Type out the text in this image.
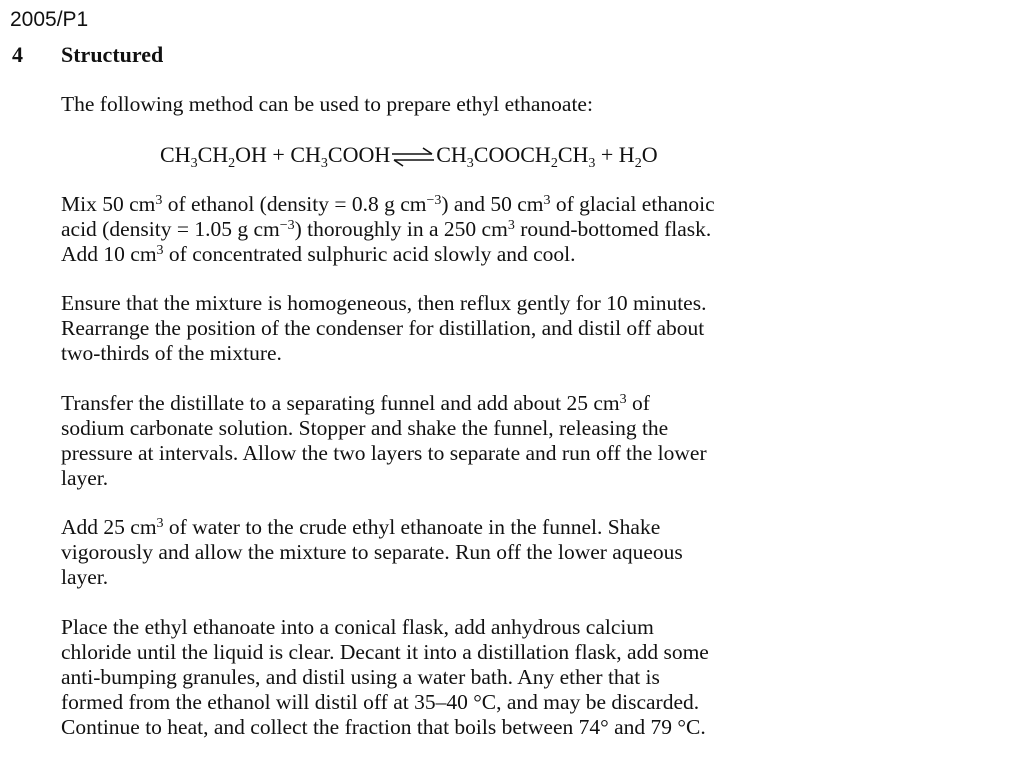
2005/P1
4 Structured

The following method can be used to prepare ethyl ethanoate:

$CH_3CH_2OH$ + $CH_3COOH\rightleftharpoons CH_3COOCH_2CH_3 + H_2O$

Mix 50 $cm^3$ of ethanol (density = 0.8 g $cm^{-3}$) and 50 $cm^3$ of glacial ethanoic
acid (density = 1.05 g $cm^{-3}$) thoroughly in a 250 $cm^3$ round-bottomed flask.
Add 10 $cm^3$ of concentrated sulphuric acid slowly and cool.

Ensure that the mixture is homogeneous, then reflux gently for 10 minutes.
Rearrange the position of the condenser for distillation, and distil off about
two-thirds of the mixture.

Transfer the distillate to a separating funnel and add about 25 $cm^3$ of
sodium carbonate solution. Stopper and shake the funnel, releasing the
pressure at intervals. Allow the two layers to separate and run off the lower
layer.

Add 25 $cm^3$ of water to the crude ethyl ethanoate in the funnel. Shake
vigorously and allow the mixture to separate. Run off the lower aqueous
layer.

Place the ethyl ethanoate into a conical flask, add anhydrous calcium
chloride until the liquid is clear. Decant it into a distillation flask, add some
anti-bumping granules, and distil using a water bath. Any ether that is
formed from the ethanol will distil off at 35–40 °C, and may be discarded.
Continue to heat, and collect the fraction that boils between 74° and 79 °C.
